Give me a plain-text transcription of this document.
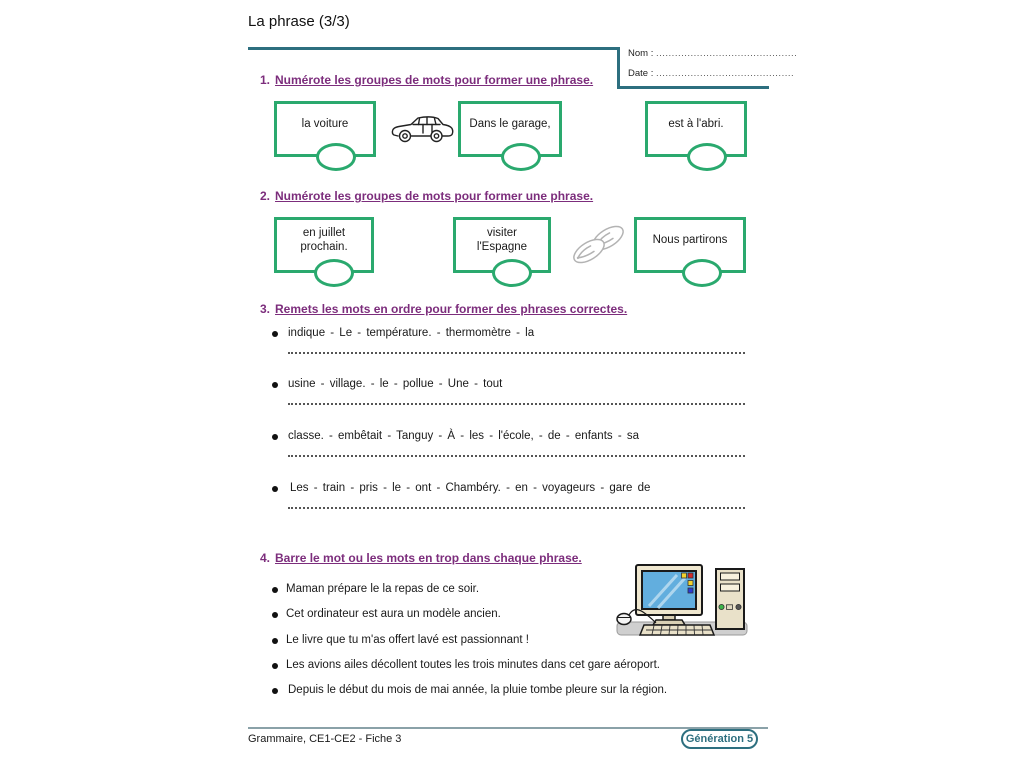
La phrase (3/3)
Nom : .............................................
Date : ............................................
1. Numérote les groupes de mots pour former une phrase.
la voiture	Dans le garage,	est à l'abri.
2. Numérote les groupes de mots pour former une phrase.
en juillet prochain.
visiter l'Espagne
Nous partirons
3. Remets les mots en ordre pour former des phrases correctes.
indique - Le - température. - thermomètre - la
usine - village. - le - pollue - Une - tout
classe. - embêtait - Tanguy - À - les - l'école, - de - enfants - sa
Les - train - pris - le - ont - Chambéry. - en - voyageurs - gare de
4. Barre le mot ou les mots en trop dans chaque phrase.
Maman prépare le la repas de ce soir.
Cet ordinateur est aura un modèle ancien.
Le livre que tu m'as offert lavé est passionnant !
Les avions ailes décollent toutes les trois minutes dans cet gare aéroport.
Depuis le début du mois de mai année, la pluie tombe pleure sur la région.
Grammaire, CE1-CE2 - Fiche 3	Génération 5
